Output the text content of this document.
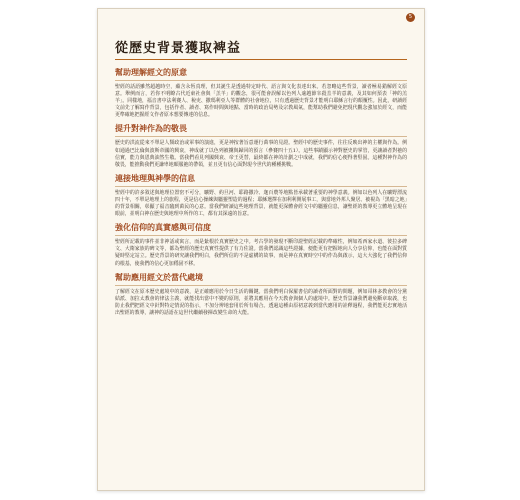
5
從歷史背景獲取裨益
幫助理解經文的原意
聖經的話語雖然超越時空，蘊含永恆真理，但其誕生是透過特定時代、語言與文化表達出來。若忽略這些背景，讀者極易錯解經文原意。舉例而言，若你不明瞭古代近東社會與「羔羊」的觀念，很可能會誤解以色列人逾越節宰殺羔羊的意義，及其如何預表「神的羔羊」。同樣地，福音書中法利賽人、稅吏、撒瑪利亞人等群體的社會地位，只有透過歷史背景才能明白耶穌言行的顛覆性。因此，研讀經文前先了解寫作背景，包括作者、讀者、寫作時間與地點、當時的政治局勢及宗教風氣，能幫助我們避免把現代觀念強加於經文，而能更準確地把握經文作者原本想要傳達的信息。
提升對神作為的敬畏
歷史的洪流從來不單是人類政治或軍事的演進，更是神按著旨意運行萬事的見證。聖經中的歷史事件，往往反映出神的主權與作為。例如通過巴比倫與波斯帝國的興衰，神成就了以色列被擄與歸回的預言（參賽四十五1）。這些事蹟顯示神對歷史的掌管，更讓讀者對祂的信實，能力與恩典油然生敬。當我們看見列國興衰、帝王更替，最終都在神的計劃之中成就，我們的信心便得著堅固。這種對神作為的敬畏，能推動我們更謙卑地順服祂的帶領，並且更有信心面對現今世代的種種挑戰。
連接地理與神學的信息
聖經中的許多敘述與地理位置密不可分，曠野、約旦河、耶路撒冷、迦百農等地點皆承載著重要的神學意義。例如以色列人在曠野漂流四十年，不單是地理上的旅程，更是信心操練與屬靈塑造的過程；耶穌選擇在加利利開展事工，與當地外邦人聚居、被視為「黑暗之地」的背景相關，彰顯了福音臨到萬民的心意。當我們研讀這些地理背景，就能更深體會經文中的屬靈信息，讓聖經的教導更立體地呈現在眼前，並明白神在歷史與地理中所作的工，都有其深遠的旨意。
強化信仰的真實感與可信度
聖經所記載的事件並非神話或寓言，而是紮根於真實歷史之中。考古學的發現不斷印證聖經記載的準確性，例如希西家水道、彼拉多碑文、大衛家族的碑文等，都為聖經的歷史真實性提供了有力佐證。當我們認識這些證據，便能更有把握地向人分享信仰，也能在面對質疑時堅定站立。歷史背景的研究讓我們明白，我們所信的不是虛構的故事，而是神在真實時空中的作為與啟示，這大大強化了我們信仰的根基，使我們的信心更加穩固不移。
幫助應用經文於當代處境
了解經文在原本歷史處境中的意義，是正確應用於今日生活的關鍵。當我們明白保羅書信的讀者所面對的問題，例如哥林多教會的分黨結派、加拉太教會的律法主義，就能找出當中不變的原則，並將其應用在今天教會與個人的處境中。歷史背景讓我們避免斷章取義，也防止我們把經文中針對特定情況的指示，不加分辨地套用於所有場合。透過這種由原初意義到當代應用的詮釋過程，我們能更忠實地活出聖經的教導，讓神的話語在這世代繼續發揮改變生命的大能。
